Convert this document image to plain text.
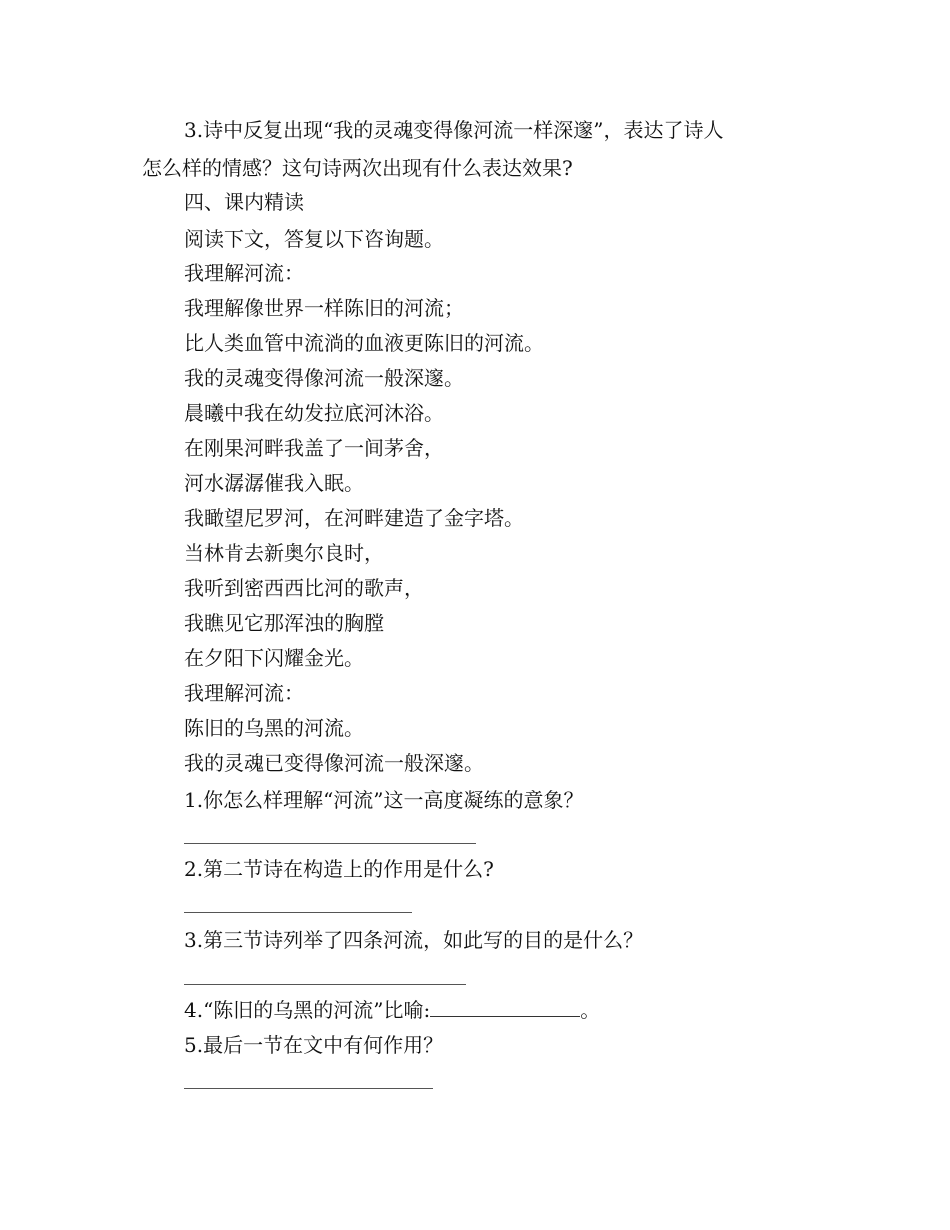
3.诗中反复出现“我的灵魂变得像河流一样深邃”，表达了诗人

怎么样的情感？这句诗两次出现有什么表达效果?

四、课内精读

阅读下文，答复以下咨询题。

我理解河流：

我理解像世界一样陈旧的河流；

比人类血管中流淌的血液更陈旧的河流。

我的灵魂变得像河流一般深邃。

晨曦中我在幼发拉底河沐浴。

在刚果河畔我盖了一间茅舍，

河水潺潺催我入眠。

我瞰望尼罗河，在河畔建造了金字塔。

当林肯去新奥尔良时，

我听到密西西比河的歌声，

我瞧见它那浑浊的胸膛

在夕阳下闪耀金光。

我理解河流：

陈旧的乌黑的河流。

我的灵魂已变得像河流一般深邃。

1.你怎么样理解“河流”这一高度凝练的意象？

2.第二节诗在构造上的作用是什么?

3.第三节诗列举了四条河流，如此写的目的是什么？

4.“陈旧的乌黑的河流”比喻:	。

5.最后一节在文中有何作用？
